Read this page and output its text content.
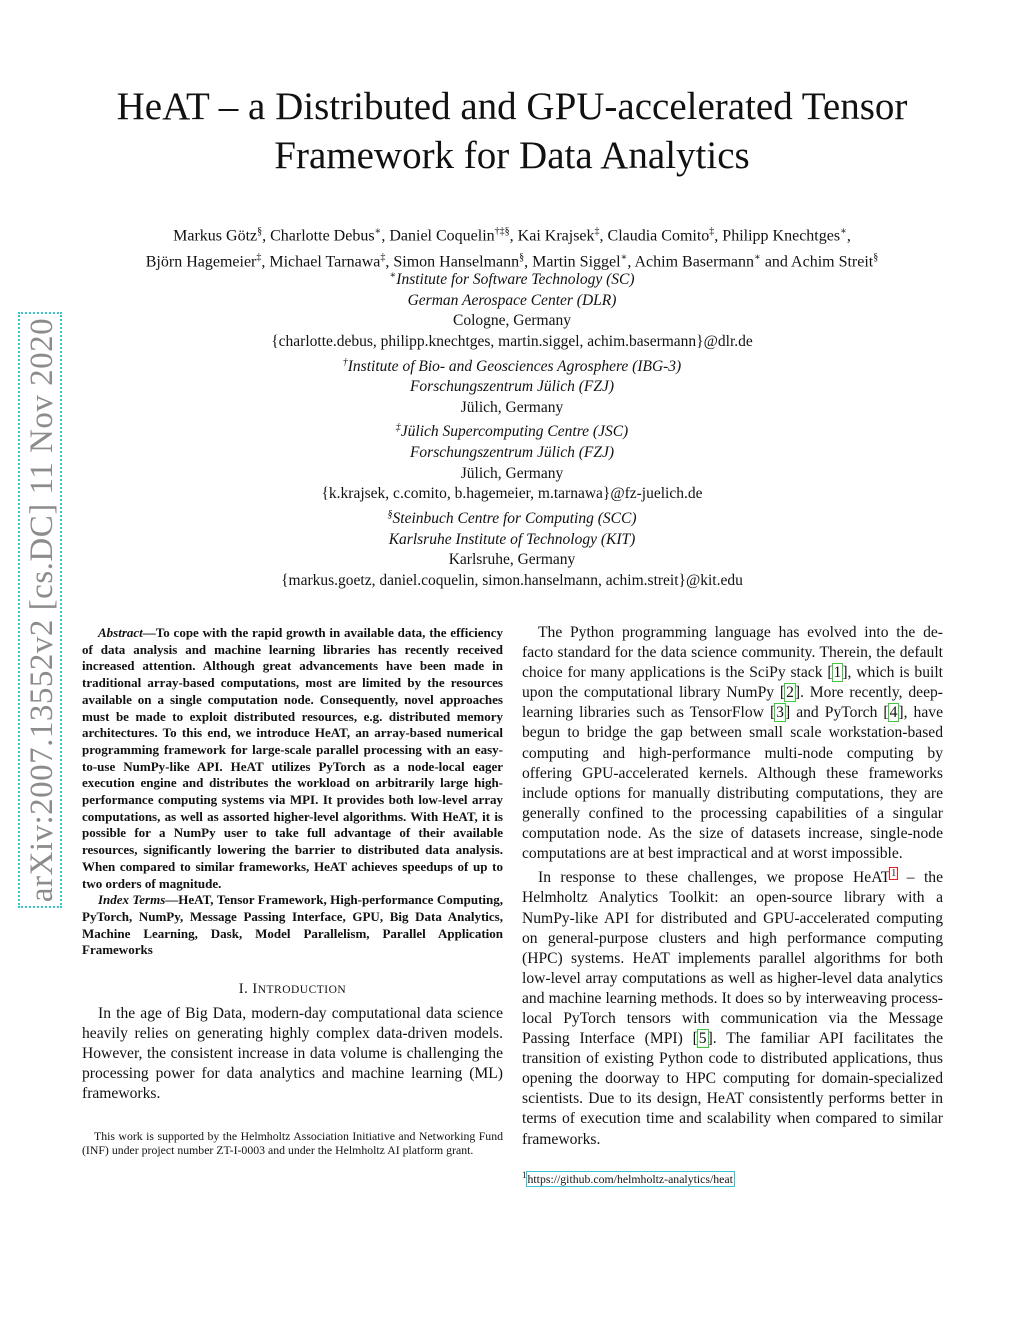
HeAT – a Distributed and GPU-accelerated Tensor
Framework for Data Analytics
Markus Götz§, Charlotte Debus∗, Daniel Coquelin†‡§, Kai Krajsek‡, Claudia Comito‡, Philipp Knechtges∗,
Björn Hagemeier‡, Michael Tarnawa‡, Simon Hanselmann§, Martin Siggel∗, Achim Basermann∗ and Achim Streit§
∗Institute for Software Technology (SC)
German Aerospace Center (DLR)
Cologne, Germany
{charlotte.debus, philipp.knechtges, martin.siggel, achim.basermann}@dlr.de
†Institute of Bio- and Geosciences Agrosphere (IBG-3)
Forschungszentrum Jülich (FZJ)
Jülich, Germany
‡Jülich Supercomputing Centre (JSC)
Forschungszentrum Jülich (FZJ)
Jülich, Germany
{k.krajsek, c.comito, b.hagemeier, m.tarnawa}@fz-juelich.de
§Steinbuch Centre for Computing (SCC)
Karlsruhe Institute of Technology (KIT)
Karlsruhe, Germany
{markus.goetz, daniel.coquelin, simon.hanselmann, achim.streit}@kit.edu
arXiv:2007.13552v2 [cs.DC] 11 Nov 2020	Abstract—To cope with the rapid growth in available data, the efficiency of data analysis and machine learning libraries has recently received increased attention. Although great advancements have been made in traditional array-based computations, most are limited by the resources available on a single computation node. Consequently, novel approaches must be made to exploit distributed resources, e.g. distributed memory architectures. To this end, we introduce HeAT, an array-based numerical programming framework for large-scale parallel processing with an easy-to-use NumPy-like API. HeAT utilizes PyTorch as a node-local eager execution engine and distributes the workload on arbitrarily large high-performance computing systems via MPI. It provides both low-level array computations, as well as assorted higher-level algorithms. With HeAT, it is possible for a NumPy user to take full advantage of their available resources, significantly lowering the barrier to distributed data analysis. When compared to similar frameworks, HeAT achieves speedups of up to two orders of magnitude.

Index Terms—HeAT, Tensor Framework, High-performance Computing, PyTorch, NumPy, Message Passing Interface, GPU, Big Data Analytics, Machine Learning, Dask, Model Parallelism, Parallel Application Frameworks

I. INTRODUCTION

In the age of Big Data, modern-day computational data science heavily relies on generating highly complex data-driven models. However, the consistent increase in data volume is challenging the processing power for data analytics and machine learning (ML) frameworks.

This work is supported by the Helmholtz Association Initiative and Networking Fund (INF) under project number ZT-I-0003 and under the Helmholtz AI platform grant.

The Python programming language has evolved into the de-facto standard for the data science community. Therein, the default choice for many applications is the SciPy stack [1], which is built upon the computational library NumPy [2]. More recently, deep-learning libraries such as TensorFlow [3] and PyTorch [4], have begun to bridge the gap between small scale workstation-based computing and high-performance multi-node computing by offering GPU-accelerated kernels. Although these frameworks include options for manually distributing computations, they are generally confined to the processing capabilities of a singular computation node. As the size of datasets increase, single-node computations are at best impractical and at worst impossible.

In response to these challenges, we propose HeAT$^1$ – the Helmholtz Analytics Toolkit: an open-source library with a NumPy-like API for distributed and GPU-accelerated computing on general-purpose clusters and high performance computing (HPC) systems. HeAT implements parallel algorithms for both low-level array computations as well as higher-level data analytics and machine learning methods. It does so by interweaving process-local PyTorch tensors with communication via the Message Passing Interface (MPI) [5]. The familiar API facilitates the transition of existing Python code to distributed applications, thus opening the doorway to HPC computing for domain-specialized scientists. Due to its design, HeAT consistently performs better in terms of execution time and scalability when compared to similar frameworks.

$^1$https://github.com/helmholtz-analytics/heat
